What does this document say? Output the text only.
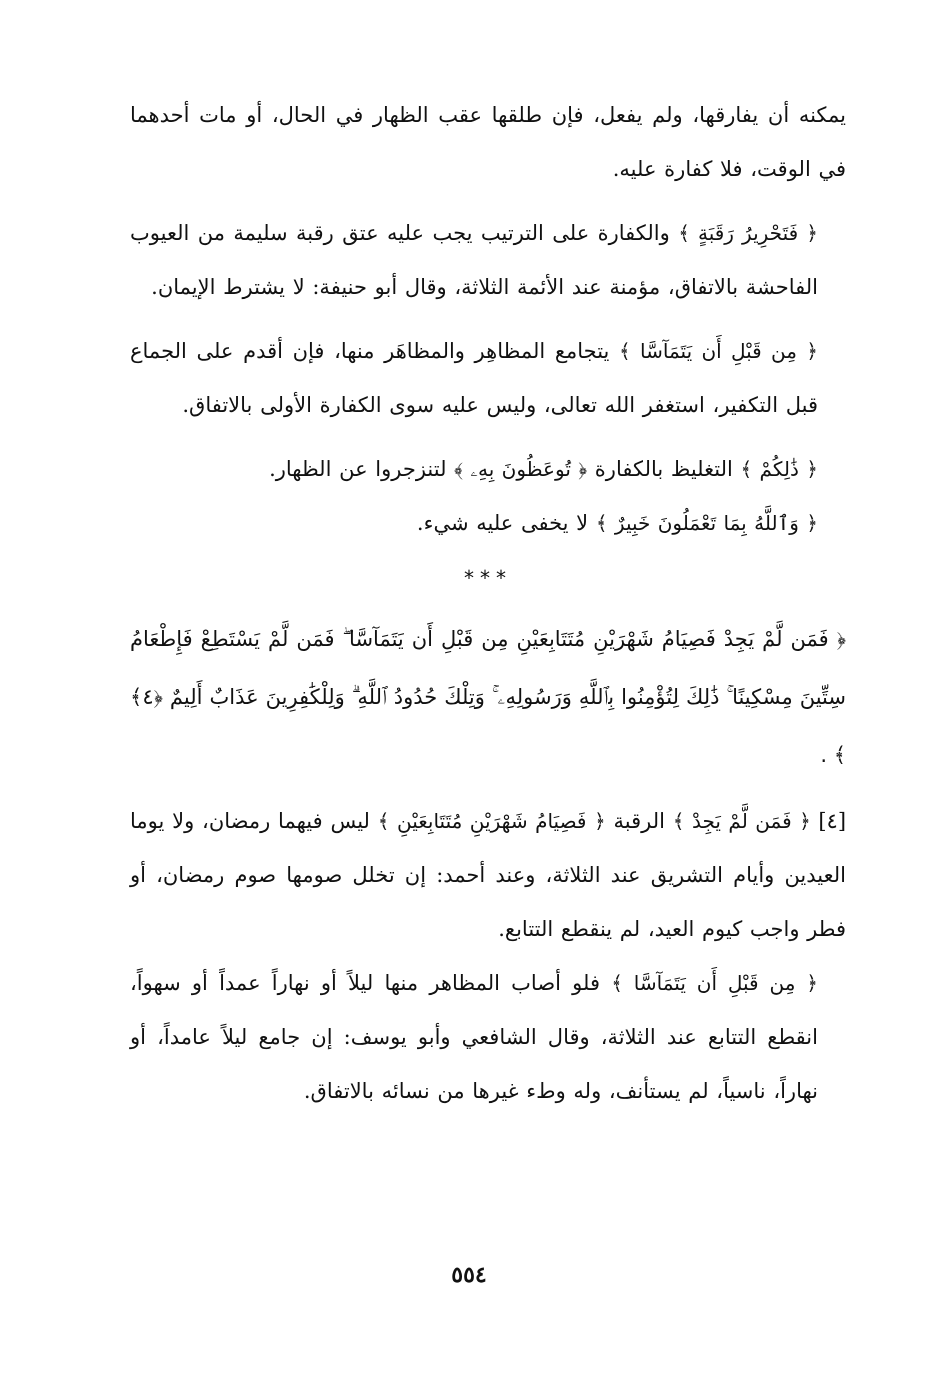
يمكنه أن يفارقها، ولم يفعل، فإن طلقها عقب الظهار في الحال، أو مات أحدهما في الوقت، فلا كفارة عليه.

﴿ فَتَحْرِيرُ رَقَبَةٍ ﴾ والكفارة على الترتيب يجب عليه عتق رقبة سليمة من العيوب الفاحشة بالاتفاق، مؤمنة عند الأئمة الثلاثة، وقال أبو حنيفة: لا يشترط الإيمان.

﴿ مِن قَبْلِ أَن يَتَمَآسَّا ﴾ يتجامع المظاهِر والمظاهَر منها، فإن أقدم على الجماع قبل التكفير، استغفر الله تعالى، وليس عليه سوى الكفارة الأولى بالاتفاق.

﴿ ذَٰلِكُمْ ﴾ التغليظ بالكفارة ﴿ تُوعَظُونَ بِهِۦ ﴾ لتنزجروا عن الظهار.

﴿ وَٱللَّهُ بِمَا تَعْمَلُونَ خَبِيرٌ ﴾ لا يخفى عليه شيء.

***

﴿ فَمَن لَّمْ يَجِدْ فَصِيَامُ شَهْرَيْنِ مُتَتَابِعَيْنِ مِن قَبْلِ أَن يَتَمَآسَّا ۖ فَمَن لَّمْ يَسْتَطِعْ فَإِطْعَامُ سِتِّينَ مِسْكِينًا ۚ ذَٰلِكَ لِتُؤْمِنُوا بِٱللَّهِ وَرَسُولِهِۦ ۚ وَتِلْكَ حُدُودُ ٱللَّهِ ۗ وَلِلْكَٰفِرِينَ عَذَابٌ أَلِيمٌ ﴿٤﴾ ﴾ .

[٤] ﴿ فَمَن لَّمْ يَجِدْ ﴾ الرقبة ﴿ فَصِيَامُ شَهْرَيْنِ مُتَتَابِعَيْنِ ﴾ ليس فيهما رمضان، ولا يوما العيدين وأيام التشريق عند الثلاثة، وعند أحمد: إن تخلل صومها صوم رمضان، أو فطر واجب كيوم العيد، لم ينقطع التتابع.

﴿ مِن قَبْلِ أَن يَتَمَآسَّا ﴾ فلو أصاب المظاهر منها ليلاً أو نهاراً عمداً أو سهواً، انقطع التتابع عند الثلاثة، وقال الشافعي وأبو يوسف: إن جامع ليلاً عامداً، أو نهاراً، ناسياً، لم يستأنف، وله وطء غيرها من نسائه بالاتفاق.

٥٥٤
